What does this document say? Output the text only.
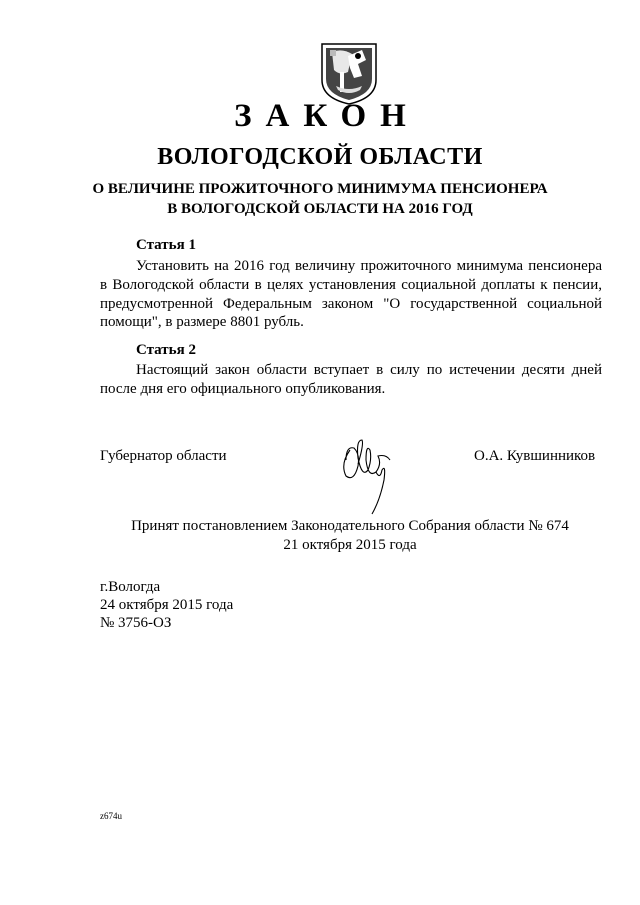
ЗАКОН
ВОЛОГОДСКОЙ ОБЛАСТИ
О ВЕЛИЧИНЕ ПРОЖИТОЧНОГО МИНИМУМА ПЕНСИОНЕРА
В ВОЛОГОДСКОЙ ОБЛАСТИ НА 2016 ГОД
Статья 1
Установить на 2016 год величину прожиточного минимума пенсионера в Вологодской области в целях установления социальной доплаты к пенсии, предусмотренной Федеральным законом "О государственной социальной помощи", в размере 8801 рубль.
Статья 2
Настоящий закон области вступает в силу по истечении десяти дней после дня его официального опубликования.
Губернатор области	О.А. Кувшинников
Принят постановлением Законодательного Собрания области № 674
21 октября 2015 года
г.Вологда
24 октября 2015 года
№ 3756-ОЗ
z674u
